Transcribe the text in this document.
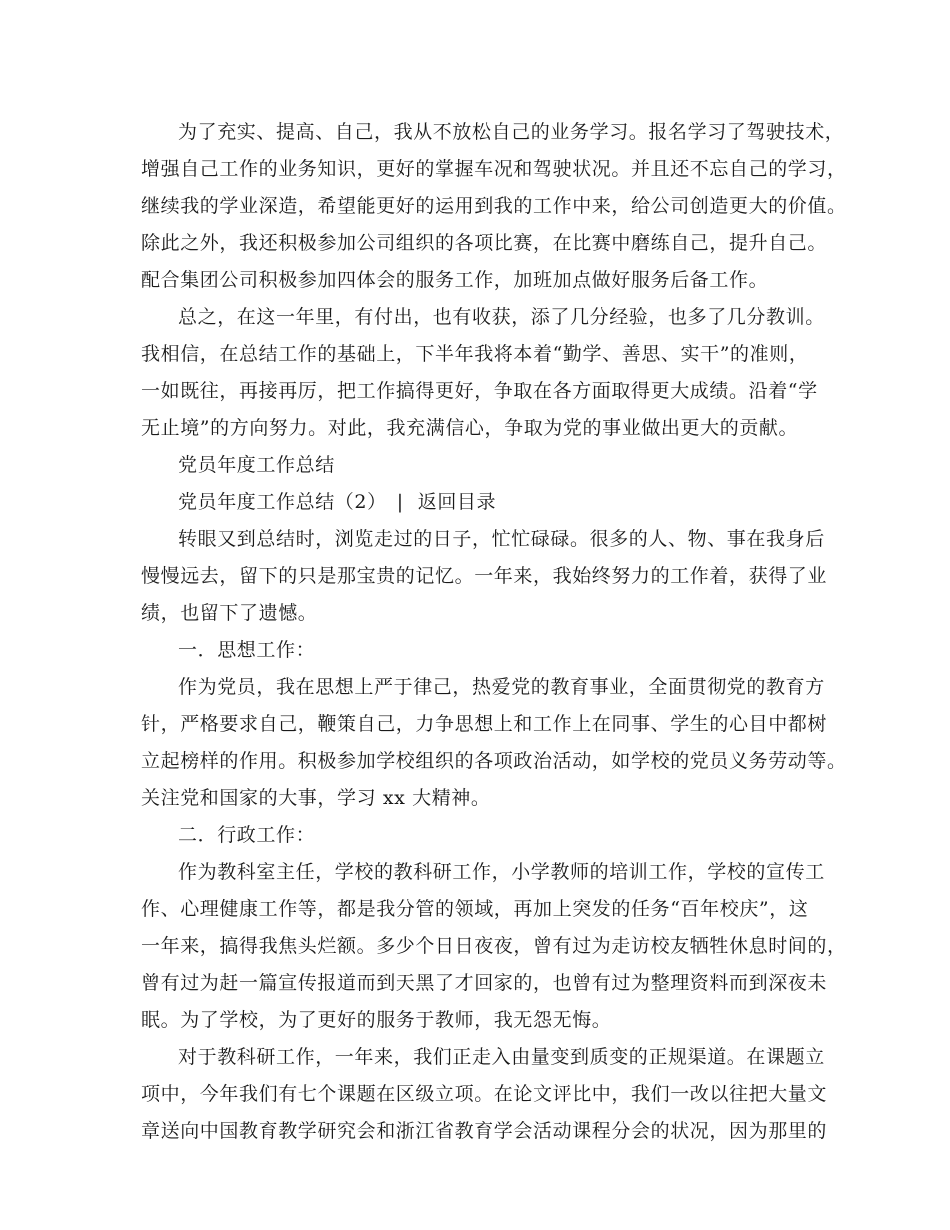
为了充实、提高、自己，我从不放松自己的业务学习。报名学习了驾驶技术，
增强自己工作的业务知识，更好的掌握车况和驾驶状况。并且还不忘自己的学习，
继续我的学业深造，希望能更好的运用到我的工作中来，给公司创造更大的价值。
除此之外，我还积极参加公司组织的各项比赛，在比赛中磨练自己，提升自己。
配合集团公司积极参加四体会的服务工作，加班加点做好服务后备工作。
总之，在这一年里，有付出，也有收获，添了几分经验，也多了几分教训。
我相信，在总结工作的基础上，下半年我将本着“勤学、善思、实干”的准则，
一如既往，再接再厉，把工作搞得更好，争取在各方面取得更大成绩。沿着“学
无止境”的方向努力。对此，我充满信心，争取为党的事业做出更大的贡献。
党员年度工作总结
党员年度工作总结（2） | 返回目录
转眼又到总结时，浏览走过的日子，忙忙碌碌。很多的人、物、事在我身后
慢慢远去，留下的只是那宝贵的记忆。一年来，我始终努力的工作着，获得了业
绩，也留下了遗憾。
一．思想工作：
作为党员，我在思想上严于律己，热爱党的教育事业，全面贯彻党的教育方
针，严格要求自己，鞭策自己，力争思想上和工作上在同事、学生的心目中都树
立起榜样的作用。积极参加学校组织的各项政治活动，如学校的党员义务劳动等。
关注党和国家的大事，学习 xx 大精神。
二．行政工作：
作为教科室主任，学校的教科研工作，小学教师的培训工作，学校的宣传工
作、心理健康工作等，都是我分管的领域，再加上突发的任务“百年校庆”，这
一年来，搞得我焦头烂额。多少个日日夜夜，曾有过为走访校友牺牲休息时间的，
曾有过为赶一篇宣传报道而到天黑了才回家的，也曾有过为整理资料而到深夜未
眠。为了学校，为了更好的服务于教师，我无怨无悔。
对于教科研工作，一年来，我们正走入由量变到质变的正规渠道。在课题立
项中，今年我们有七个课题在区级立项。在论文评比中，我们一改以往把大量文
章送向中国教育教学研究会和浙江省教育学会活动课程分会的状况，因为那里的
